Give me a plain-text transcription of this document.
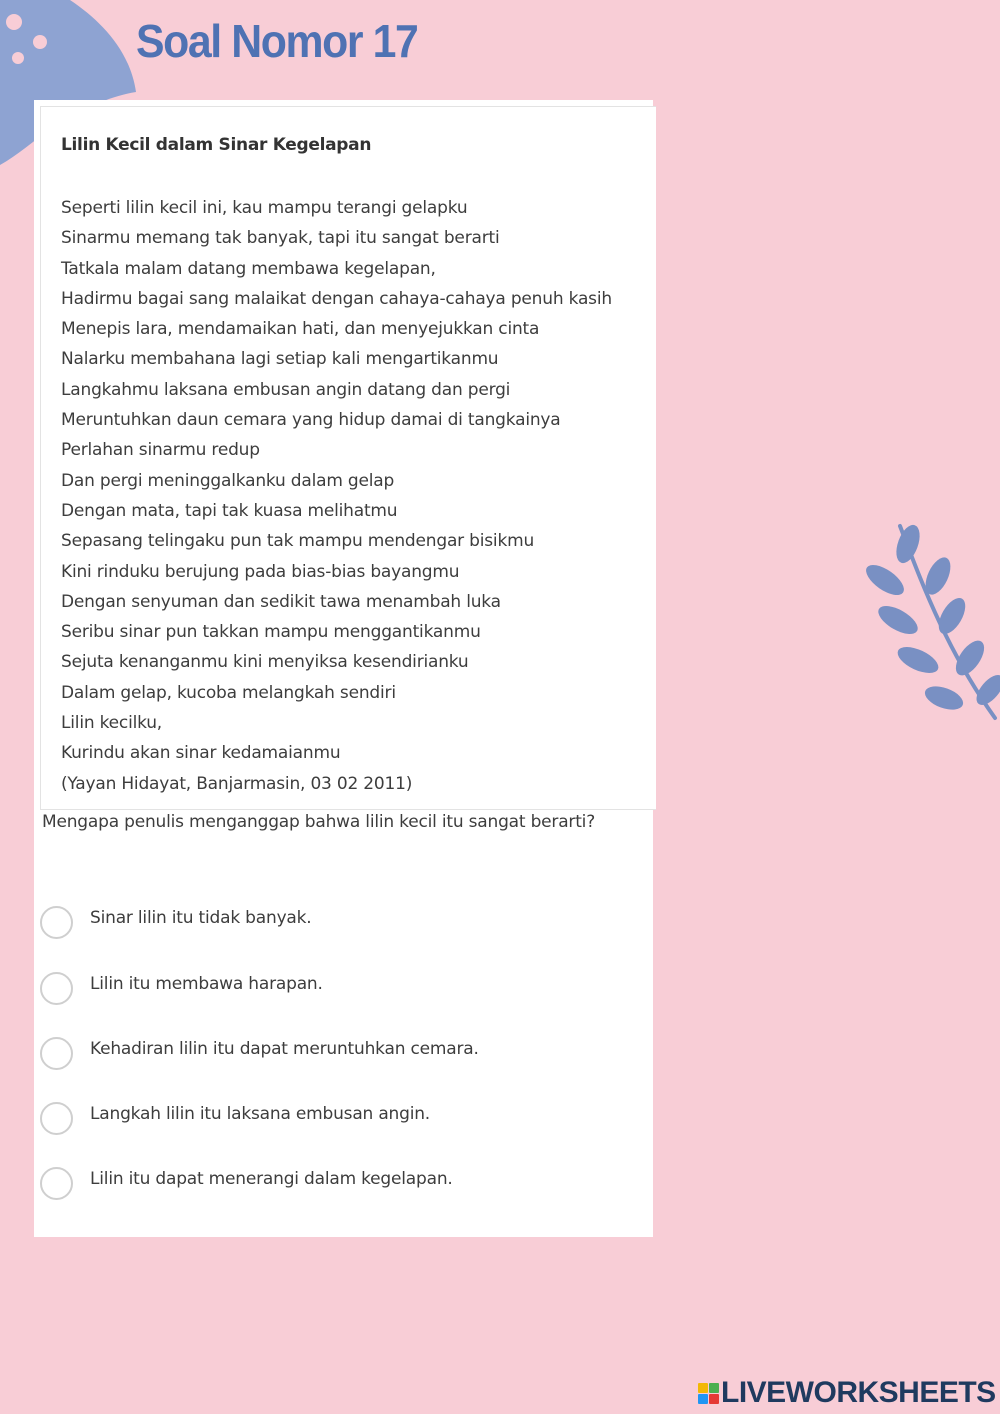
Soal Nomor 17
Lilin Kecil dalam Sinar Kegelapan
Seperti lilin kecil ini, kau mampu terangi gelapku
Sinarmu memang tak banyak, tapi itu sangat berarti
Tatkala malam datang membawa kegelapan,
Hadirmu bagai sang malaikat dengan cahaya-cahaya penuh kasih
Menepis lara, mendamaikan hati, dan menyejukkan cinta
Nalarku membahana lagi setiap kali mengartikanmu
Langkahmu laksana embusan angin datang dan pergi
Meruntuhkan daun cemara yang hidup damai di tangkainya
Perlahan sinarmu redup
Dan pergi meninggalkanku dalam gelap
Dengan mata, tapi tak kuasa melihatmu
Sepasang telingaku pun tak mampu mendengar bisikmu
Kini rinduku berujung pada bias-bias bayangmu
Dengan senyuman dan sedikit tawa menambah luka
Seribu sinar pun takkan mampu menggantikanmu
Sejuta kenanganmu kini menyiksa kesendirianku
Dalam gelap, kucoba melangkah sendiri
Lilin kecilku,
Kurindu akan sinar kedamaianmu
(Yayan Hidayat, Banjarmasin, 03 02 2011)
Mengapa penulis menganggap bahwa lilin kecil itu sangat berarti?
Sinar lilin itu tidak banyak.
Lilin itu membawa harapan.
Kehadiran lilin itu dapat meruntuhkan cemara.
Langkah lilin itu laksana embusan angin.
Lilin itu dapat menerangi dalam kegelapan.
LIVEWORKSHEETS
